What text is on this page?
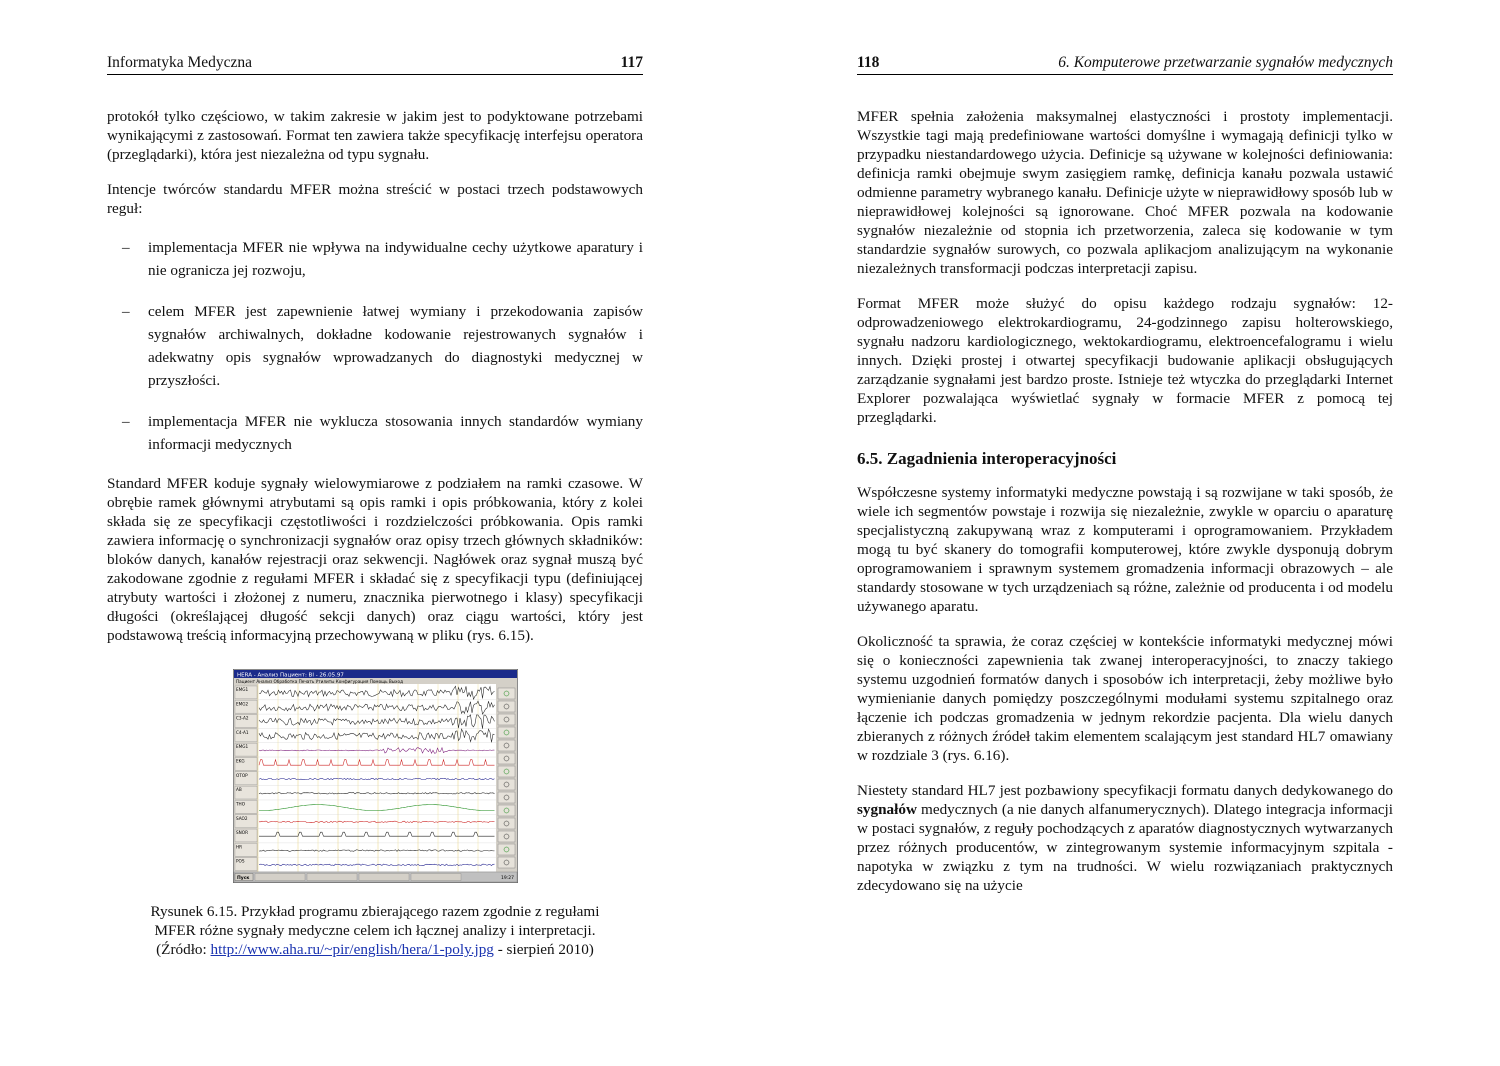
Informatyka Medyczna	117

protokół tylko częściowo, w takim zakresie w jakim jest to podyktowane potrzebami wynikającymi z zastosowań. Format ten zawiera także specyfikację interfejsu operatora (przeglądarki), która jest niezależna od typu sygnału.

Intencje twórców standardu MFER można streścić w postaci trzech podstawowych reguł:

– implementacja MFER nie wpływa na indywidualne cechy użytkowe aparatury i nie ogranicza jej rozwoju,
– celem MFER jest zapewnienie łatwej wymiany i przekodowania zapisów sygnałów archiwalnych, dokładne kodowanie rejestrowanych sygnałów i adekwatny opis sygnałów wprowadzanych do diagnostyki medycznej w przyszłości.
– implementacja MFER nie wyklucza stosowania innych standardów wymiany informacji medycznych

Standard MFER koduje sygnały wielowymiarowe z podziałem na ramki czasowe. W obrębie ramek głównymi atrybutami są opis ramki i opis próbkowania, który z kolei składa się ze specyfikacji częstotliwości i rozdzielczości próbkowania. Opis ramki zawiera informację o synchronizacji sygnałów oraz opisy trzech głównych składników: bloków danych, kanałów rejestracji oraz sekwencji. Nagłówek oraz sygnał muszą być zakodowane zgodnie z regułami MFER i składać się z specyfikacji typu (definiującej atrybuty wartości i złożonej z numeru, znacznika pierwotnego i klasy) specyfikacji długości (określającej długość sekcji danych) oraz ciągu wartości, który jest podstawową treścią informacyjną przechowywaną w pliku (rys. 6.15).

HERA - Анализ Пациент: ВI - 26.05.97
Пациент Анализ Обработка Печать Утилиты Конфигурация Помощь Выход
EMG1
EMG2
C3-A2
C4-A1
EMG1
EKG
OTOP
AB
THO
SAO2
SNOR
HR
POS
Пуск	19:27
Rysunek 6.15. Przykład programu zbierającego razem zgodnie z regułami
MFER różne sygnały medyczne celem ich łącznej analizy i interpretacji.
(Źródło: http://www.aha.ru/~pir/english/hera/1-poly.jpg - sierpień 2010)
118	6. Komputerowe przetwarzanie sygnałów medycznych

MFER spełnia założenia maksymalnej elastyczności i prostoty implementacji. Wszystkie tagi mają predefiniowane wartości domyślne i wymagają definicji tylko w przypadku niestandardowego użycia. Definicje są używane w kolejności definiowania: definicja ramki obejmuje swym zasięgiem ramkę, definicja kanału pozwala ustawić odmienne parametry wybranego kanału. Definicje użyte w nieprawidłowy sposób lub w nieprawidłowej kolejności są ignorowane. Choć MFER pozwala na kodowanie sygnałów niezależnie od stopnia ich przetworzenia, zaleca się kodowanie w tym standardzie sygnałów surowych, co pozwala aplikacjom analizującym na wykonanie niezależnych transformacji podczas interpretacji zapisu.

Format MFER może służyć do opisu każdego rodzaju sygnałów: 12-odprowadzeniowego elektrokardiogramu, 24-godzinnego zapisu holterowskiego, sygnału nadzoru kardiologicznego, wektokardiogramu, elektroencefalogramu i wielu innych. Dzięki prostej i otwartej specyfikacji budowanie aplikacji obsługujących zarządzanie sygnałami jest bardzo proste. Istnieje też wtyczka do przeglądarki Internet Explorer pozwalająca wyświetlać sygnały w formacie MFER z pomocą tej przeglądarki.

6.5. Zagadnienia interoperacyjności

Współczesne systemy informatyki medyczne powstają i są rozwijane w taki sposób, że wiele ich segmentów powstaje i rozwija się niezależnie, zwykle w oparciu o aparaturę specjalistyczną zakupywaną wraz z komputerami i oprogramowaniem. Przykładem mogą tu być skanery do tomografii komputerowej, które zwykle dysponują dobrym oprogramowaniem i sprawnym systemem gromadzenia informacji obrazowych – ale standardy stosowane w tych urządzeniach są różne, zależnie od producenta i od modelu używanego aparatu.

Okoliczność ta sprawia, że coraz częściej w kontekście informatyki medycznej mówi się o konieczności zapewnienia tak zwanej interoperacyjności, to znaczy takiego systemu uzgodnień formatów danych i sposobów ich interpretacji, żeby możliwe było wymienianie danych pomiędzy poszczególnymi modułami systemu szpitalnego oraz łączenie ich podczas gromadzenia w jednym rekordzie pacjenta. Dla wielu danych zbieranych z różnych źródeł takim elementem scalającym jest standard HL7 omawiany w rozdziale 3 (rys. 6.16).

Niestety standard HL7 jest pozbawiony specyfikacji formatu danych dedykowanego do sygnałów medycznych (a nie danych alfanumerycznych). Dlatego integracja informacji w postaci sygnałów, z reguły pochodzących z aparatów diagnostycznych wytwarzanych przez różnych producentów, w zintegrowanym systemie informacyjnym szpitala - napotyka w związku z tym na trudności. W wielu rozwiązaniach praktycznych zdecydowano się na użycie
